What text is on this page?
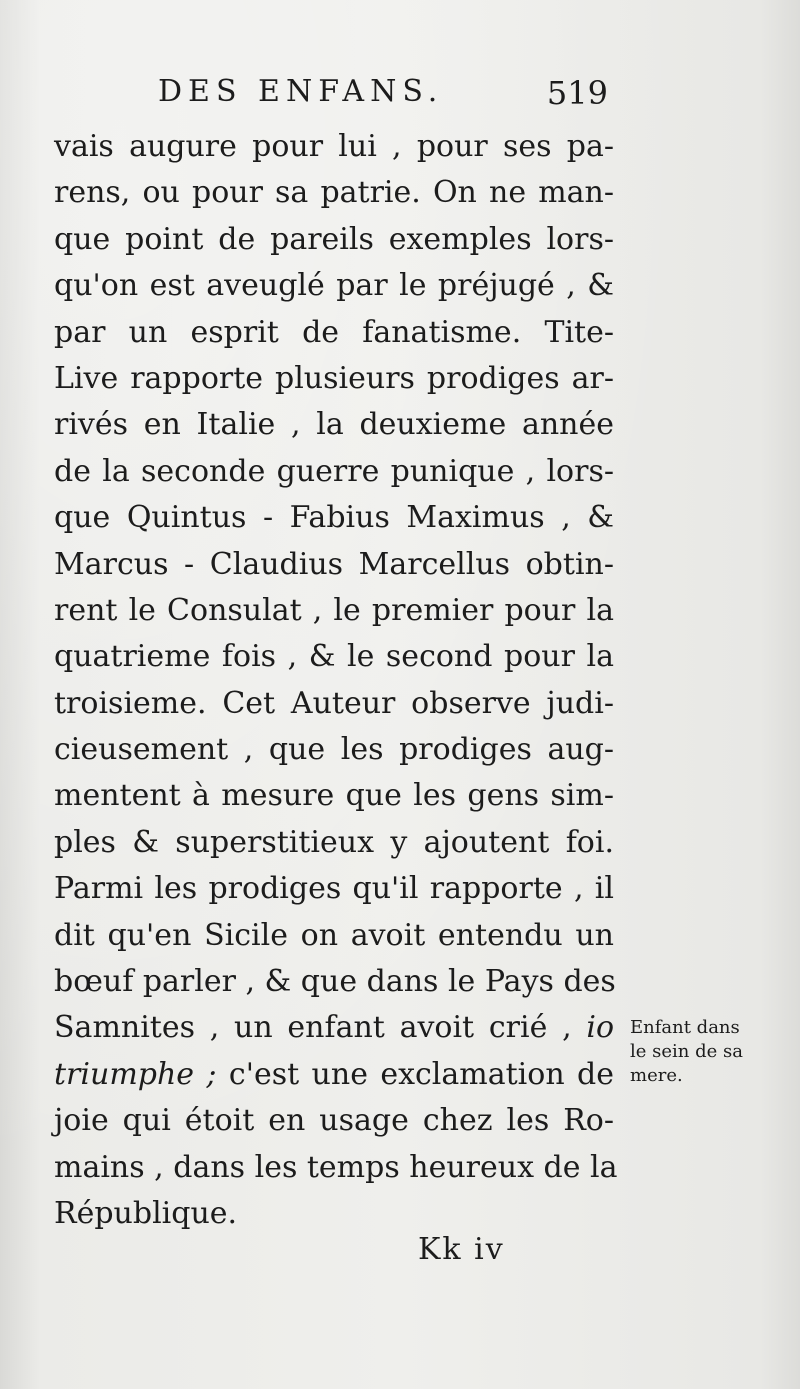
DES ENFANS.	519
vais augure pour lui , pour ses pa-
rens, ou pour sa patrie. On ne man-
que point de pareils exemples lors-
qu'on est aveuglé par le préjugé , &
par un esprit de fanatisme. Tite-
Live rapporte plusieurs prodiges ar-
rivés en Italie , la deuxieme année
de la seconde guerre punique , lors-
que Quintus - Fabius Maximus , &
Marcus - Claudius Marcellus obtin-
rent le Consulat , le premier pour la
quatrieme fois , & le second pour la
troisieme. Cet Auteur observe judi-
cieusement , que les prodiges aug-
mentent à mesure que les gens sim-
ples & superstitieux y ajoutent foi.
Parmi les prodiges qu'il rapporte , il
dit qu'en Sicile on avoit entendu un
bœuf parler , & que dans le Pays des
Samnites , un enfant avoit crié , io
triumphe ; c'est une exclamation de
joie qui étoit en usage chez les Ro-
mains , dans les temps heureux de la
République.
Enfant dans
le sein de sa
mere.
Kk iv
